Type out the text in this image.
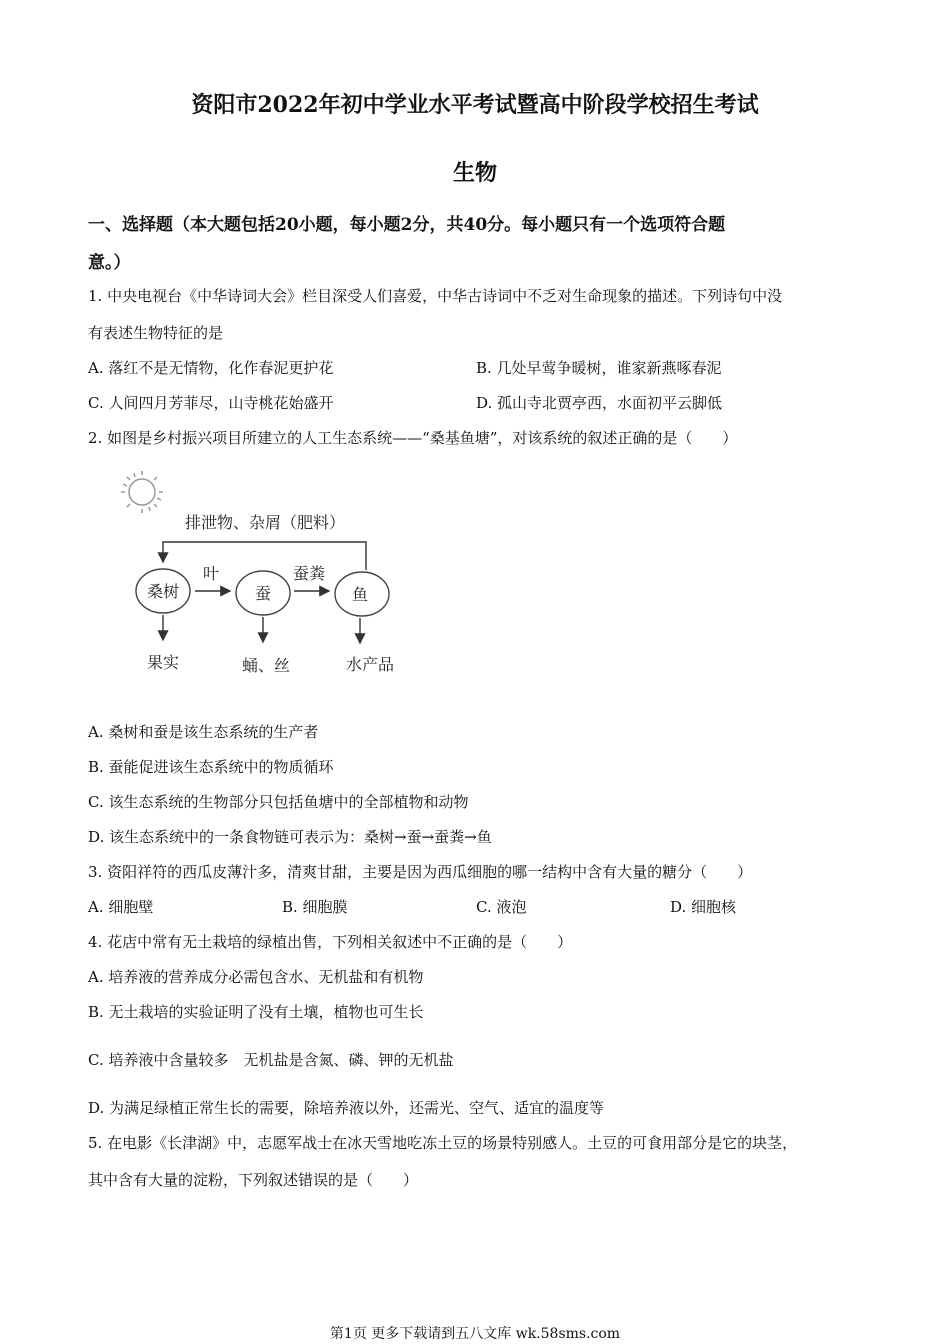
资阳市2022年初中学业水平考试暨高中阶段学校招生考试
生物
一、选择题（本大题包括20小题，每小题2分，共40分。每小题只有一个选项符合题
意。）
1. 中央电视台《中华诗词大会》栏目深受人们喜爱，中华古诗词中不乏对生命现象的描述。下列诗句中没
有表述生物特征的是
A. 落红不是无情物，化作春泥更护花	B. 几处早莺争暖树，谁家新燕啄春泥
C. 人间四月芳菲尽，山寺桃花始盛开	D. 孤山寺北贾亭西，水面初平云脚低
2. 如图是乡村振兴项目所建立的人工生态系统——“桑基鱼塘”，对该系统的叙述正确的是（　　）
排泄物、杂屑（肥料）
桑树	蚕	鱼
叶	蚕粪
果实	蛹、丝	水产品
A. 桑树和蚕是该生态系统的生产者
B. 蚕能促进该生态系统中的物质循环
C. 该生态系统的生物部分只包括鱼塘中的全部植物和动物
D. 该生态系统中的一条食物链可表示为：桑树→蚕→蚕粪→鱼
3. 资阳祥符的西瓜皮薄汁多，清爽甘甜，主要是因为西瓜细胞的哪一结构中含有大量的糖分（　　）
A. 细胞壁	B. 细胞膜	C. 液泡	D. 细胞核
4. 花店中常有无土栽培的绿植出售，下列相关叙述中不正确的是（　　）
A. 培养液的营养成分必需包含水、无机盐和有机物
B. 无土栽培的实验证明了没有土壤，植物也可生长
C. 培养液中含量较多　无机盐是含氮、磷、钾的无机盐
D. 为满足绿植正常生长的需要，除培养液以外，还需光、空气、适宜的温度等
5. 在电影《长津湖》中，志愿军战士在冰天雪地吃冻土豆的场景特别感人。土豆的可食用部分是它的块茎，
其中含有大量的淀粉，下列叙述错误的是（　　）
第1页 更多下载请到五八文库 wk.58sms.com
